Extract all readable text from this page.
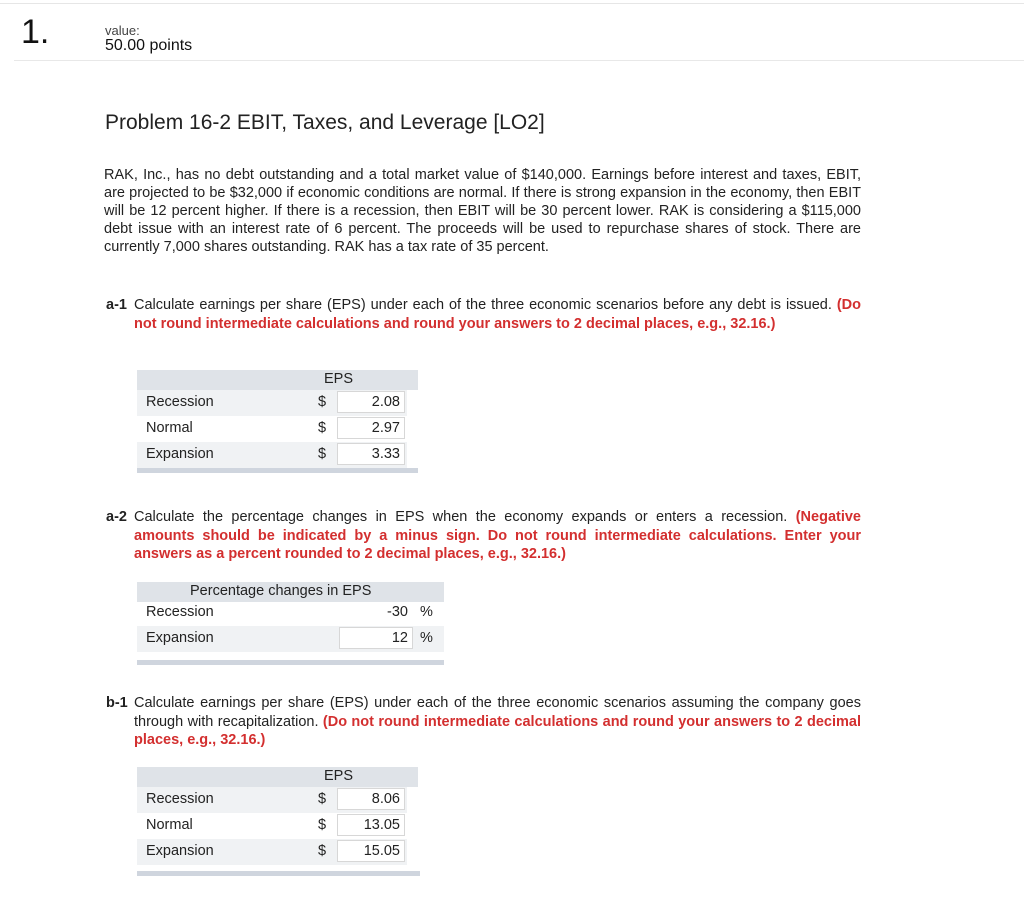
1.	value:
50.00 points
Problem 16-2 EBIT, Taxes, and Leverage [LO2]
RAK, Inc., has no debt outstanding and a total market value of $140,000. Earnings before interest and taxes, EBIT, are projected to be $32,000 if economic conditions are normal. If there is strong expansion in the economy, then EBIT will be 12 percent higher. If there is a recession, then EBIT will be 30 percent lower. RAK is considering a $115,000 debt issue with an interest rate of 6 percent. The proceeds will be used to repurchase shares of stock. There are currently 7,000 shares outstanding. RAK has a tax rate of 35 percent.
a-1 Calculate earnings per share (EPS) under each of the three economic scenarios before any debt is issued. (Do not round intermediate calculations and round your answers to 2 decimal places, e.g., 32.16.)
EPS
Recession	$	2.08
Normal	$	2.97
Expansion	$	3.33
a-2 Calculate the percentage changes in EPS when the economy expands or enters a recession. (Negative amounts should be indicated by a minus sign. Do not round intermediate calculations. Enter your answers as a percent rounded to 2 decimal places, e.g., 32.16.)
Percentage changes in EPS
Recession	-30 %
Expansion	12 %
b-1 Calculate earnings per share (EPS) under each of the three economic scenarios assuming the company goes through with recapitalization. (Do not round intermediate calculations and round your answers to 2 decimal places, e.g., 32.16.)
EPS
Recession	$	8.06
Normal	$	13.05
Expansion	$	15.05
